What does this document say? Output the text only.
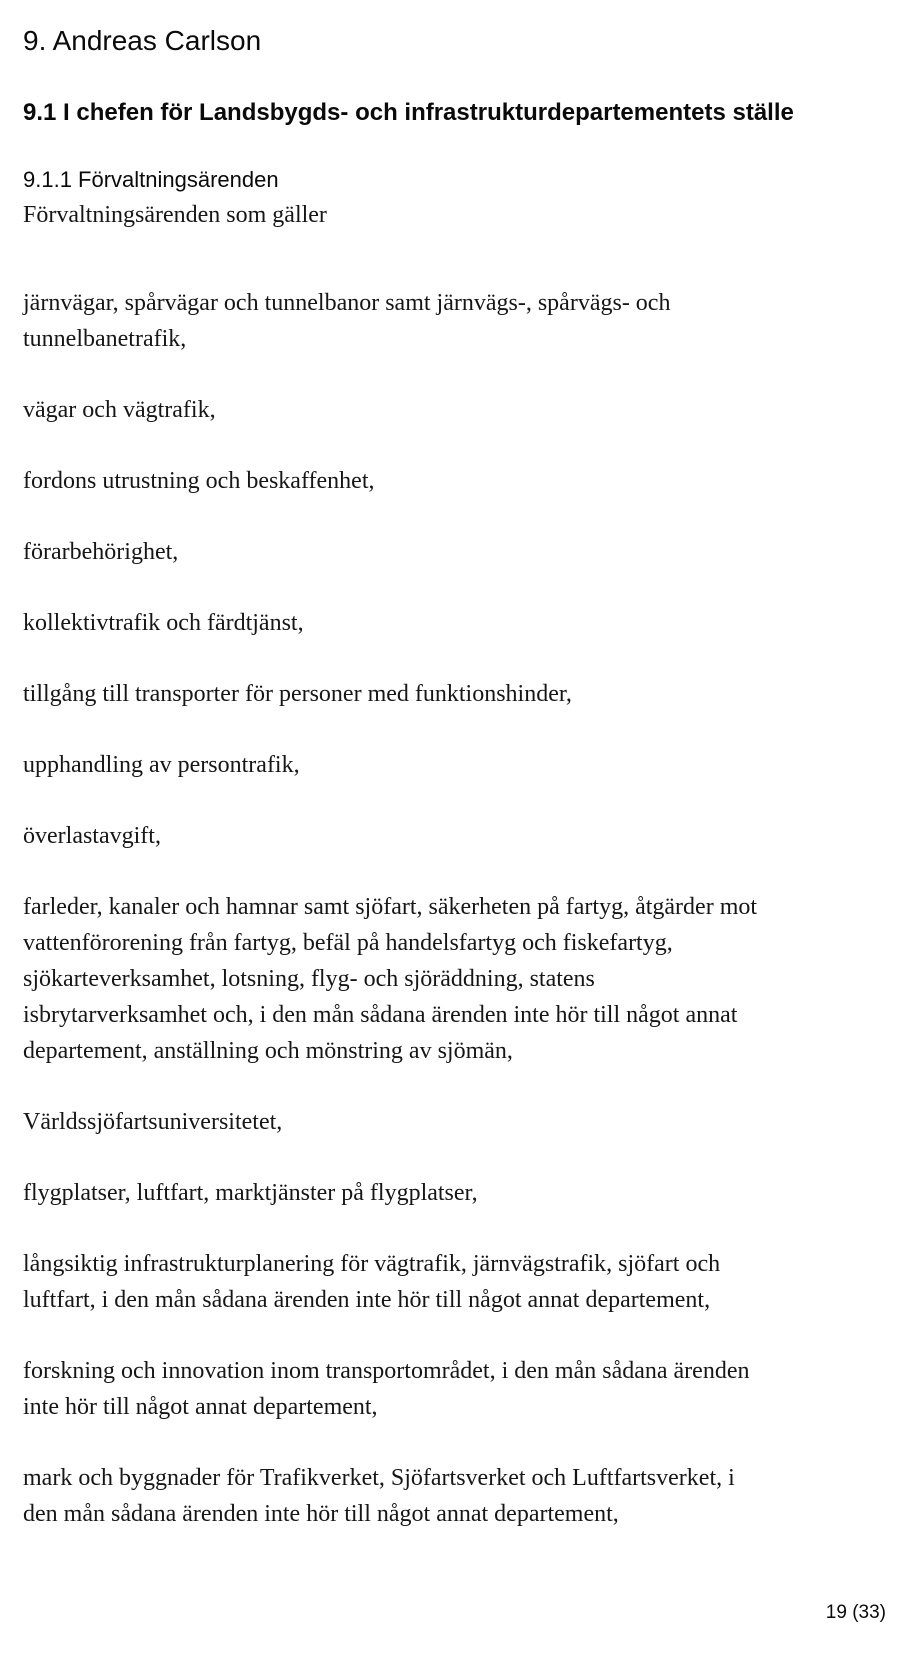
9. Andreas Carlson
9.1 I chefen för Landsbygds- och infrastrukturdepartementets ställe
9.1.1 Förvaltningsärenden

Förvaltningsärenden som gäller

järnvägar, spårvägar och tunnelbanor samt järnvägs-, spårvägs- och
tunnelbanetrafik,

vägar och vägtrafik,

fordons utrustning och beskaffenhet,

förarbehörighet,

kollektivtrafik och färdtjänst,

tillgång till transporter för personer med funktionshinder,

upphandling av persontrafik,

överlastavgift,

farleder, kanaler och hamnar samt sjöfart, säkerheten på fartyg, åtgärder mot
vattenförorening från fartyg, befäl på handelsfartyg och fiskefartyg,
sjökarteverksamhet, lotsning, flyg- och sjöräddning, statens
isbrytarverksamhet och, i den mån sådana ärenden inte hör till något annat
departement, anställning och mönstring av sjömän,

Världssjöfartsuniversitetet,

flygplatser, luftfart, marktjänster på flygplatser,

långsiktig infrastrukturplanering för vägtrafik, järnvägstrafik, sjöfart och
luftfart, i den mån sådana ärenden inte hör till något annat departement,

forskning och innovation inom transportområdet, i den mån sådana ärenden
inte hör till något annat departement,

mark och byggnader för Trafikverket, Sjöfartsverket och Luftfartsverket, i
den mån sådana ärenden inte hör till något annat departement,

19 (33)
